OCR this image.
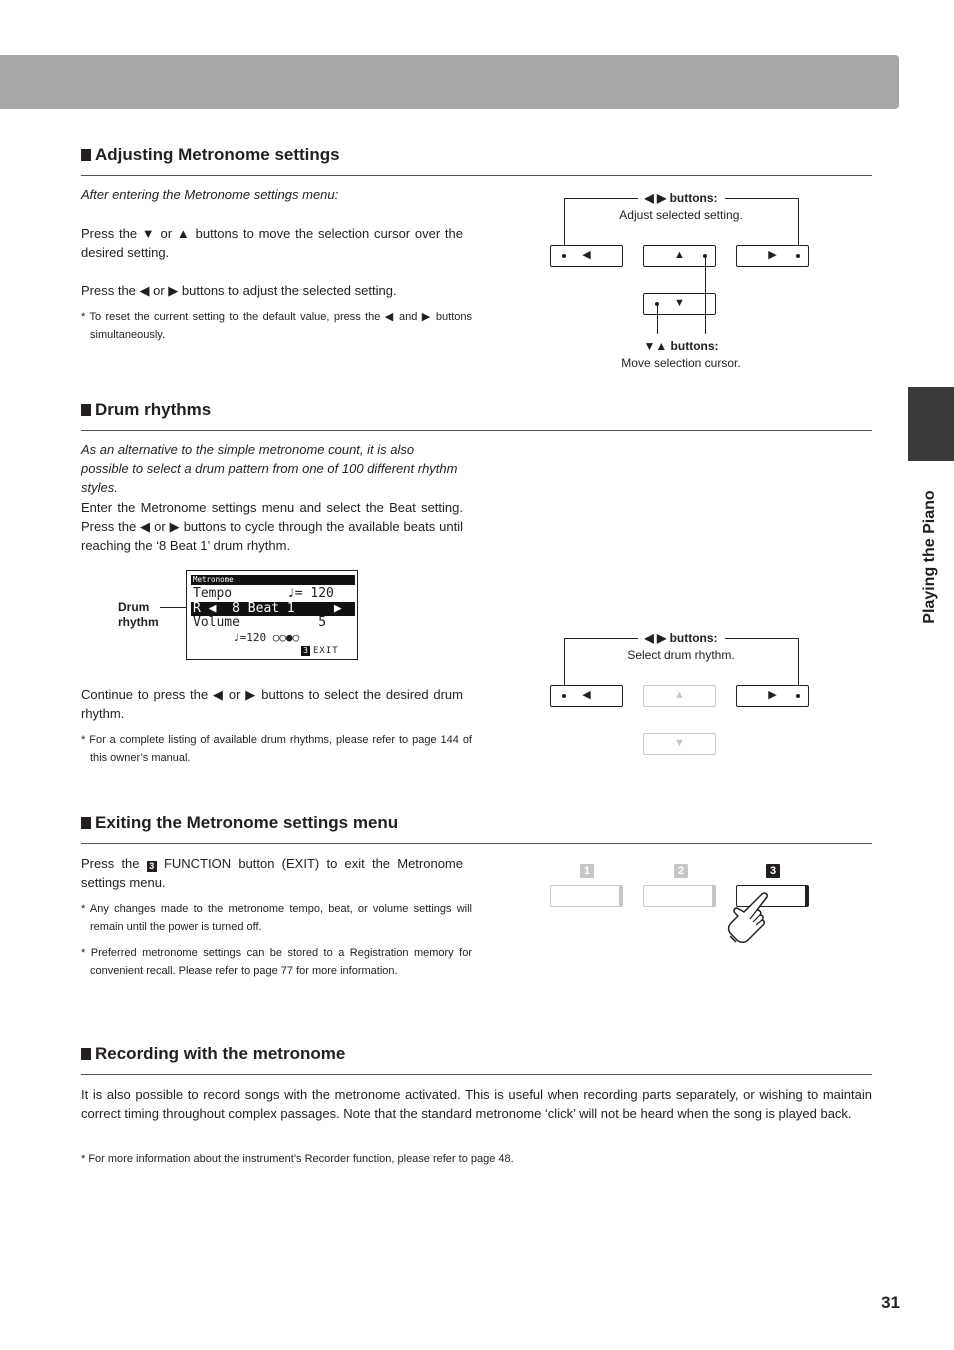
Playing the Piano
Adjusting Metronome settings

After entering the Metronome settings menu:

Press the ▼ or ▲ buttons to move the selection cursor over the desired setting.

Press the ◀ or ▶ buttons to adjust the selected setting.

* To reset the current setting to the default value, press the ◀ and ▶ buttons simultaneously.

◀ ▶ buttons:
Adjust selected setting.
◀	▲	▶
▼
▼▲ buttons:
Move selection cursor.
Drum rhythms

As an alternative to the simple metronome count, it is also possible to select a drum pattern from one of 100 different rhythm styles.

Enter the Metronome settings menu and select the Beat setting. Press the ◀ or ▶ buttons to cycle through the available beats until reaching the ‘8 Beat 1’ drum rhythm.

Drum rhythm
Metronome
Tempo       ♩= 120
R ◀  8 Beat 1     ▶
Volume          5
♩=120 ○○●○
3 EXIT

Continue to press the ◀ or ▶ buttons to select the desired drum rhythm.

* For a complete listing of available drum rhythms, please refer to page 144 of this owner’s manual.

◀ ▶ buttons:
Select drum rhythm.
◀	▲	▶
▼
Exiting the Metronome settings menu

Press the 3 FUNCTION button (EXIT) to exit the Metronome settings menu.

* Any changes made to the metronome tempo, beat, or volume settings will remain until the power is turned off.

* Preferred metronome settings can be stored to a Registration memory for convenient recall. Please refer to page 77 for more information.

1	2	3
Recording with the metronome

It is also possible to record songs with the metronome activated. This is useful when recording parts separately, or wishing to maintain correct timing throughout complex passages. Note that the standard metronome ‘click’ will not be heard when the song is played back.

* For more information about the instrument’s Recorder function, please refer to page 48.

31
